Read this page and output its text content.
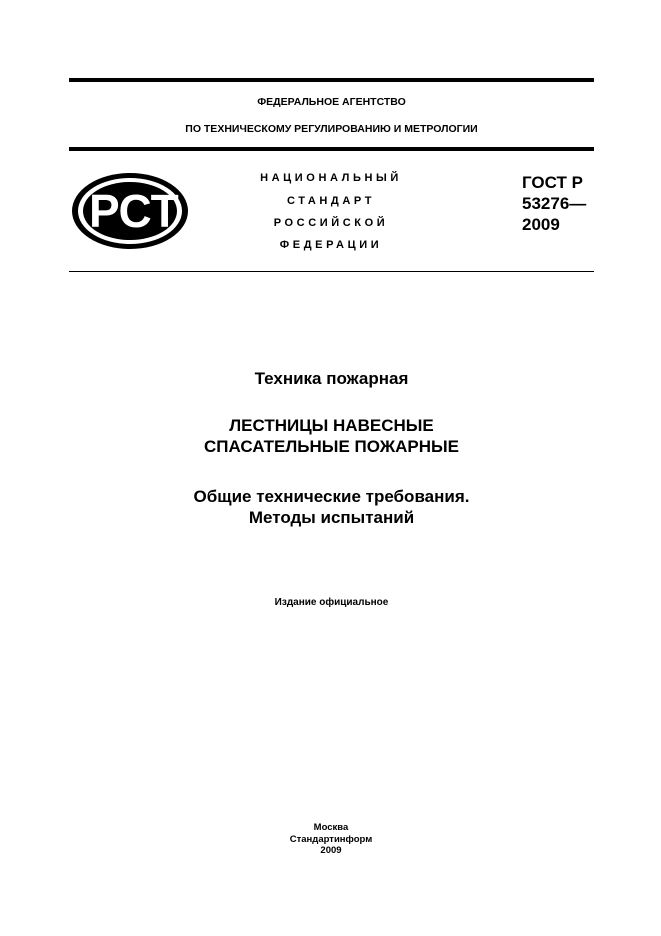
ФЕДЕРАЛЬНОЕ АГЕНТСТВО
ПО ТЕХНИЧЕСКОМУ РЕГУЛИРОВАНИЮ И МЕТРОЛОГИИ
РСТ
НАЦИОНАЛЬНЫЙ
СТАНДАРТ
РОССИЙСКОЙ
ФЕДЕРАЦИИ
ГОСТ Р
53276—
2009
Техника пожарная
ЛЕСТНИЦЫ НАВЕСНЫЕ
СПАСАТЕЛЬНЫЕ ПОЖАРНЫЕ
Общие технические требования.
Методы испытаний
Издание официальное
Москва
Стандартинформ
2009
